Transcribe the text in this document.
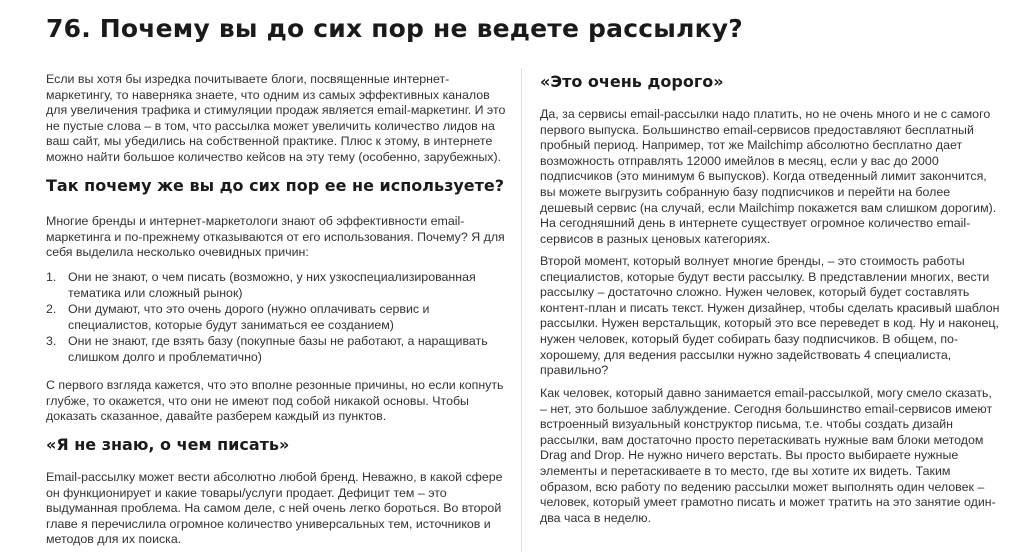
76. Почему вы до сих пор не ведете рассылку?

Если вы хотя бы изредка почитываете блоги, посвященные интернет-маркетингу, то наверняка знаете, что одним из самых эффективных каналов для увеличения трафика и стимуляции продаж является email-маркетинг. И это не пустые слова – в том, что рассылка может увеличить количество лидов на ваш сайт, мы убедились на собственной практике. Плюс к этому, в интернете можно найти большое количество кейсов на эту тему (особенно, зарубежных).

Так почему же вы до сих пор ее не используете?

Многие бренды и интернет-маркетологи знают об эффективности email-маркетинга и по-прежнему отказываются от его использования. Почему? Я для себя выделила несколько очевидных причин:

1. Они не знают, о чем писать (возможно, у них узкоспециализированная тематика или сложный рынок)
2. Они думают, что это очень дорого (нужно оплачивать сервис и специалистов, которые будут заниматься ее созданием)
3. Они не знают, где взять базу (покупные базы не работают, а наращивать слишком долго и проблематично)

С первого взгляда кажется, что это вполне резонные причины, но если копнуть глубже, то окажется, что они не имеют под собой никакой основы. Чтобы доказать сказанное, давайте разберем каждый из пунктов.

«Я не знаю, о чем писать»

Email-рассылку может вести абсолютно любой бренд. Неважно, в какой сфере он функционирует и какие товары/услуги продает. Дефицит тем – это выдуманная проблема. На самом деле, с ней очень легко бороться. Во второй главе я перечислила огромное количество универсальных тем, источников и методов для их поиска.

«Это очень дорого»

Да, за сервисы email-рассылки надо платить, но не очень много и не с самого первого выпуска. Большинство email-сервисов предоставляют бесплатный пробный период. Например, тот же Mailchimp абсолютно бесплатно дает возможность отправлять 12000 имейлов в месяц, если у вас до 2000 подписчиков (это минимум 6 выпусков). Когда отведенный лимит закончится, вы можете выгрузить собранную базу подписчиков и перейти на более дешевый сервис (на случай, если Mailchimp покажется вам слишком дорогим). На сегодняшний день в интернете существует огромное количество email-сервисов в разных ценовых категориях.

Второй момент, который волнует многие бренды, – это стоимость работы специалистов, которые будут вести рассылку. В представлении многих, вести рассылку – достаточно сложно. Нужен человек, который будет составлять контент-план и писать текст. Нужен дизайнер, чтобы сделать красивый шаблон рассылки. Нужен верстальщик, который это все переведет в код. Ну и наконец, нужен человек, который будет собирать базу подписчиков. В общем, по-хорошему, для ведения рассылки нужно задействовать 4 специалиста, правильно?

Как человек, который давно занимается email-рассылкой, могу смело сказать, – нет, это большое заблуждение. Сегодня большинство email-сервисов имеют встроенный визуальный конструктор письма, т.е. чтобы создать дизайн рассылки, вам достаточно просто перетаскивать нужные вам блоки методом Drag and Drop. Не нужно ничего верстать. Вы просто выбираете нужные элементы и перетаскиваете в то место, где вы хотите их видеть. Таким образом, всю работу по ведению рассылки может выполнять один человек – человек, который умеет грамотно писать и может тратить на это занятие один-два часа в неделю.
